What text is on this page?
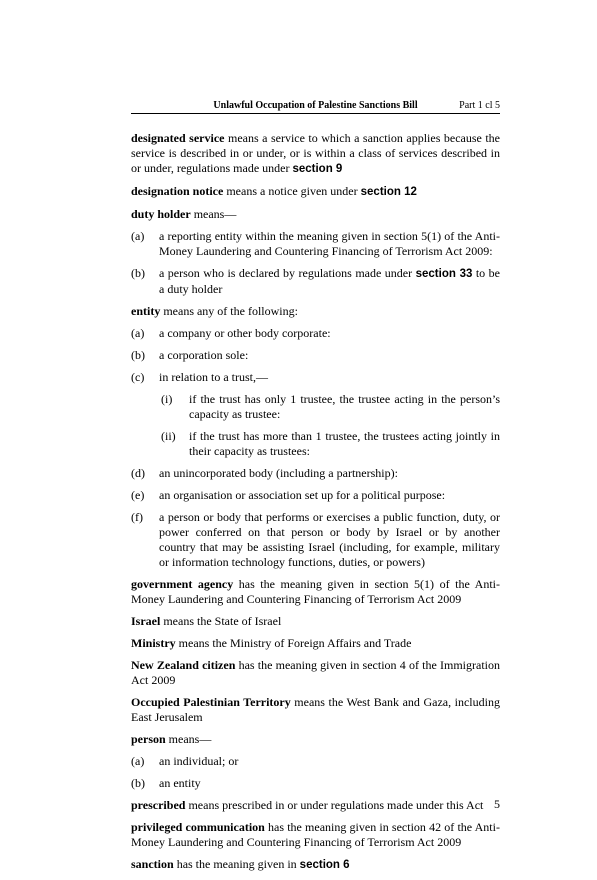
Unlawful Occupation of Palestine Sanctions Bill	Part 1 cl 5

designated service means a service to which a sanction applies because the service is described in or under, or is within a class of services described in or under, regulations made under section 9

designation notice means a notice given under section 12

duty holder means—

(a) a reporting entity within the meaning given in section 5(1) of the Anti-Money Laundering and Countering Financing of Terrorism Act 2009:
(b) a person who is declared by regulations made under section 33 to be a duty holder

entity means any of the following:

(a) a company or other body corporate:
(b) a corporation sole:
(c) in relation to a trust,—
(i) if the trust has only 1 trustee, the trustee acting in the person’s capacity as trustee:
(ii) if the trust has more than 1 trustee, the trustees acting jointly in their capacity as trustees:
(d) an unincorporated body (including a partnership):
(e) an organisation or association set up for a political purpose:
(f) a person or body that performs or exercises a public function, duty, or power conferred on that person or body by Israel or by another country that may be assisting Israel (including, for example, military or information technology functions, duties, or powers)

government agency has the meaning given in section 5(1) of the Anti-Money Laundering and Countering Financing of Terrorism Act 2009

Israel means the State of Israel

Ministry means the Ministry of Foreign Affairs and Trade

New Zealand citizen has the meaning given in section 4 of the Immigration Act 2009

Occupied Palestinian Territory means the West Bank and Gaza, including East Jerusalem

person means—

(a) an individual; or
(b) an entity

prescribed means prescribed in or under regulations made under this Act

privileged communication has the meaning given in section 42 of the Anti-Money Laundering and Countering Financing of Terrorism Act 2009

sanction has the meaning given in section 6

5
